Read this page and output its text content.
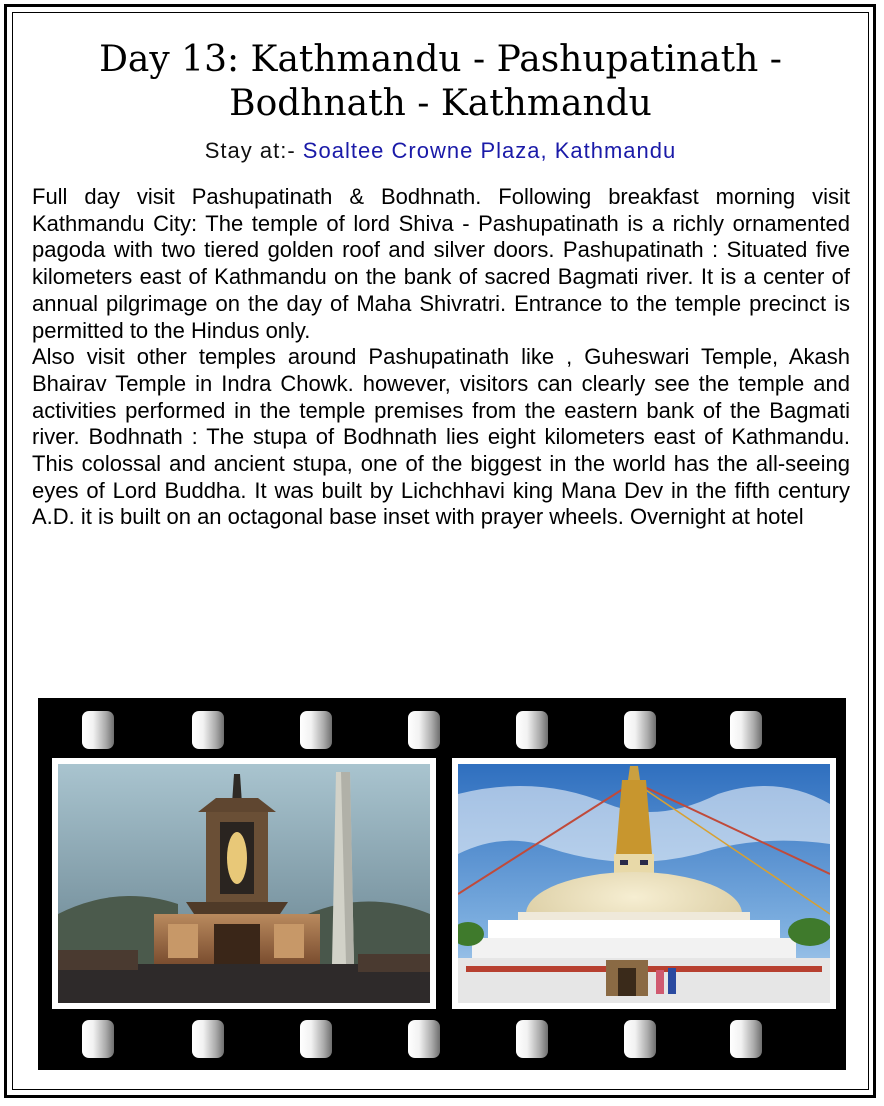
Day 13: Kathmandu - Pashupatinath -
Bodhnath - Kathmandu
Stay at:- Soaltee Crowne Plaza, Kathmandu

Full day visit Pashupatinath & Bodhnath. Following breakfast morning visit Kathmandu City: The temple of lord Shiva - Pashupatinath is a richly ornamented pagoda with two tiered golden roof and silver doors. Pashupatinath : Situated five kilometers east of Kathmandu on the bank of sacred Bagmati river. It is a center of annual pilgrimage on the day of Maha Shivratri. Entrance to the temple precinct is permitted to the Hindus only.

Also visit other temples around Pashupatinath like , Guheswari Temple, Akash Bhairav Temple in Indra Chowk. however, visitors can clearly see the temple and activities performed in the temple premises from the eastern bank of the Bagmati river. Bodhnath : The stupa of Bodhnath lies eight kilometers east of Kathmandu. This colossal and ancient stupa, one of the biggest in the world has the all-seeing eyes of Lord Buddha. It was built by Lichchhavi king Mana Dev in the fifth century A.D. it is built on an octagonal base inset with prayer wheels. Overnight at hotel
